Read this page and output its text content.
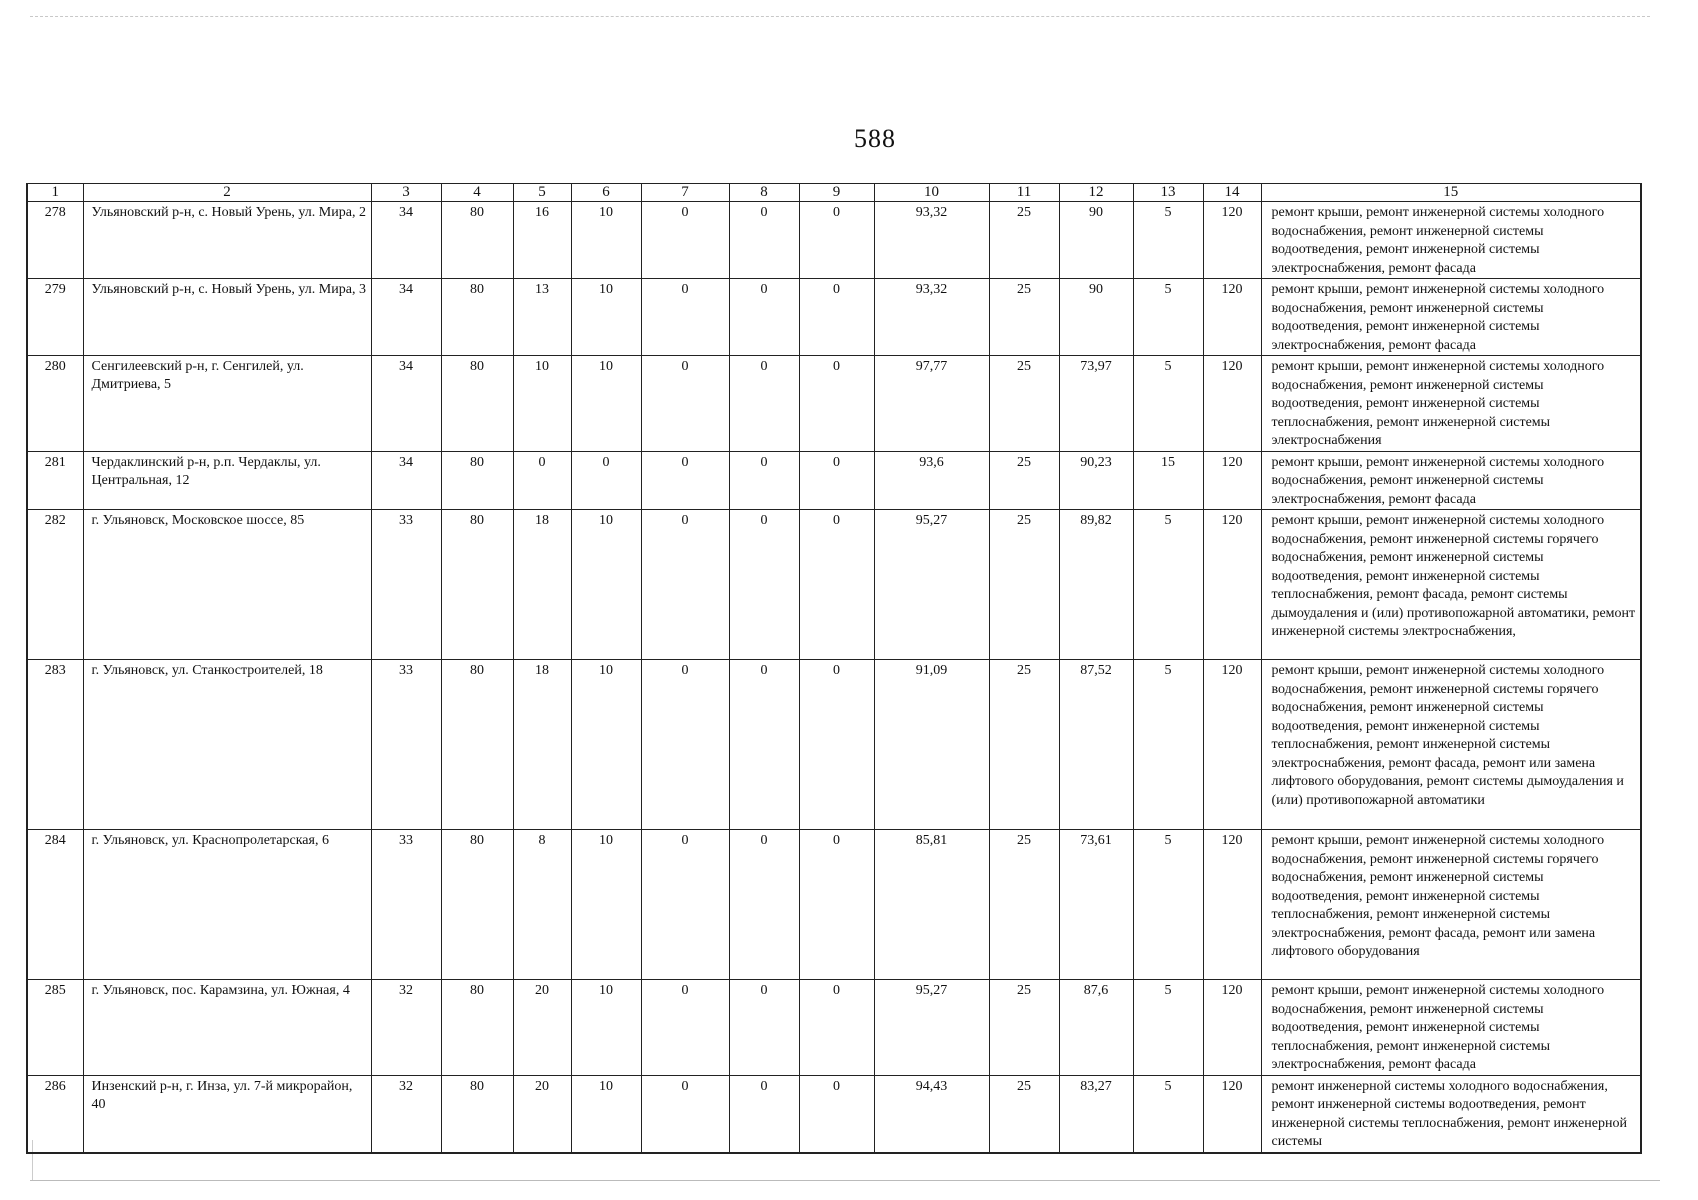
588
1	2	3	4	5	6	7	8	9	10	11	12	13	14	15
278	Ульяновский р-н, с. Новый Урень, ул. Мира, 2	34	80	16	10	0	0	0	93,32	25	90	5	120	ремонт крыши, ремонт инженерной системы холодного водоснабжения, ремонт инженерной системы водоотведения, ремонт инженерной системы электроснабжения, ремонт фасада
279	Ульяновский р-н, с. Новый Урень, ул. Мира, 3	34	80	13	10	0	0	0	93,32	25	90	5	120	ремонт крыши, ремонт инженерной системы холодного водоснабжения, ремонт инженерной системы водоотведения, ремонт инженерной системы электроснабжения, ремонт фасада
280	Сенгилеевский р-н, г. Сенгилей, ул. Дмитриева, 5	34	80	10	10	0	0	0	97,77	25	73,97	5	120	ремонт крыши, ремонт инженерной системы холодного водоснабжения, ремонт инженерной системы водоотведения, ремонт инженерной системы теплоснабжения, ремонт инженерной системы электроснабжения
281	Чердаклинский р-н, р.п. Чердаклы, ул. Центральная, 12	34	80	0	0	0	0	0	93,6	25	90,23	15	120	ремонт крыши, ремонт инженерной системы холодного водоснабжения, ремонт инженерной системы электроснабжения, ремонт фасада
282	г. Ульяновск, Московское шоссе, 85	33	80	18	10	0	0	0	95,27	25	89,82	5	120	ремонт крыши, ремонт инженерной системы холодного водоснабжения, ремонт инженерной системы горячего водоснабжения, ремонт инженерной системы водоотведения, ремонт инженерной системы теплоснабжения, ремонт фасада, ремонт системы дымоудаления и (или) противопожарной автоматики, ремонт инженерной системы электроснабжения,
283	г. Ульяновск, ул. Станкостроителей, 18	33	80	18	10	0	0	0	91,09	25	87,52	5	120	ремонт крыши, ремонт инженерной системы холодного водоснабжения, ремонт инженерной системы горячего водоснабжения, ремонт инженерной системы водоотведения, ремонт инженерной системы теплоснабжения, ремонт инженерной системы электроснабжения, ремонт фасада, ремонт или замена лифтового оборудования, ремонт системы дымоудаления и (или) противопожарной автоматики
284	г. Ульяновск, ул. Краснопролетарская, 6	33	80	8	10	0	0	0	85,81	25	73,61	5	120	ремонт крыши, ремонт инженерной системы холодного водоснабжения, ремонт инженерной системы горячего водоснабжения, ремонт инженерной системы водоотведения, ремонт инженерной системы теплоснабжения, ремонт инженерной системы электроснабжения, ремонт фасада, ремонт или замена лифтового оборудования
285	г. Ульяновск, пос. Карамзина, ул. Южная, 4	32	80	20	10	0	0	0	95,27	25	87,6	5	120	ремонт крыши, ремонт инженерной системы холодного водоснабжения, ремонт инженерной системы водоотведения, ремонт инженерной системы теплоснабжения, ремонт инженерной системы электроснабжения, ремонт фасада
286	Инзенский р-н, г. Инза, ул. 7-й микрорайон, 40	32	80	20	10	0	0	0	94,43	25	83,27	5	120	ремонт инженерной системы холодного водоснабжения, ремонт инженерной системы водоотведения, ремонт инженерной системы теплоснабжения, ремонт инженерной системы
